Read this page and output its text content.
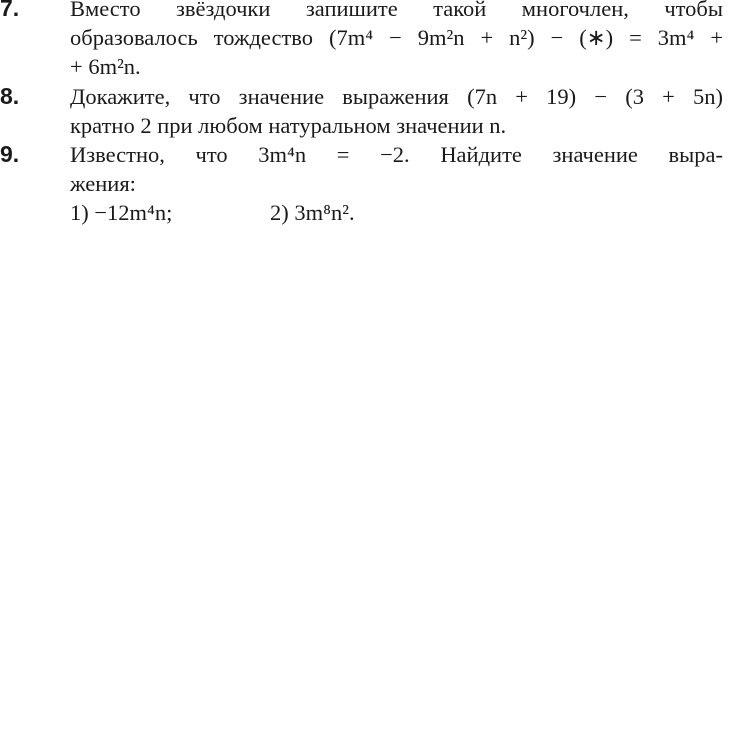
7. Вместо звёздочки запишите такой многочлен, чтобы
образовалось тождество (7m⁴ − 9m²n + n²) − (∗) = 3m⁴ +
+ 6m²n.
8. Докажите, что значение выражения (7n + 19) − (3 + 5n)
кратно 2 при любом натуральном значении n.
9. Известно, что 3m⁴n = −2. Найдите значение выра-
жения:
1) −12m⁴n;	2) 3m⁸n².
